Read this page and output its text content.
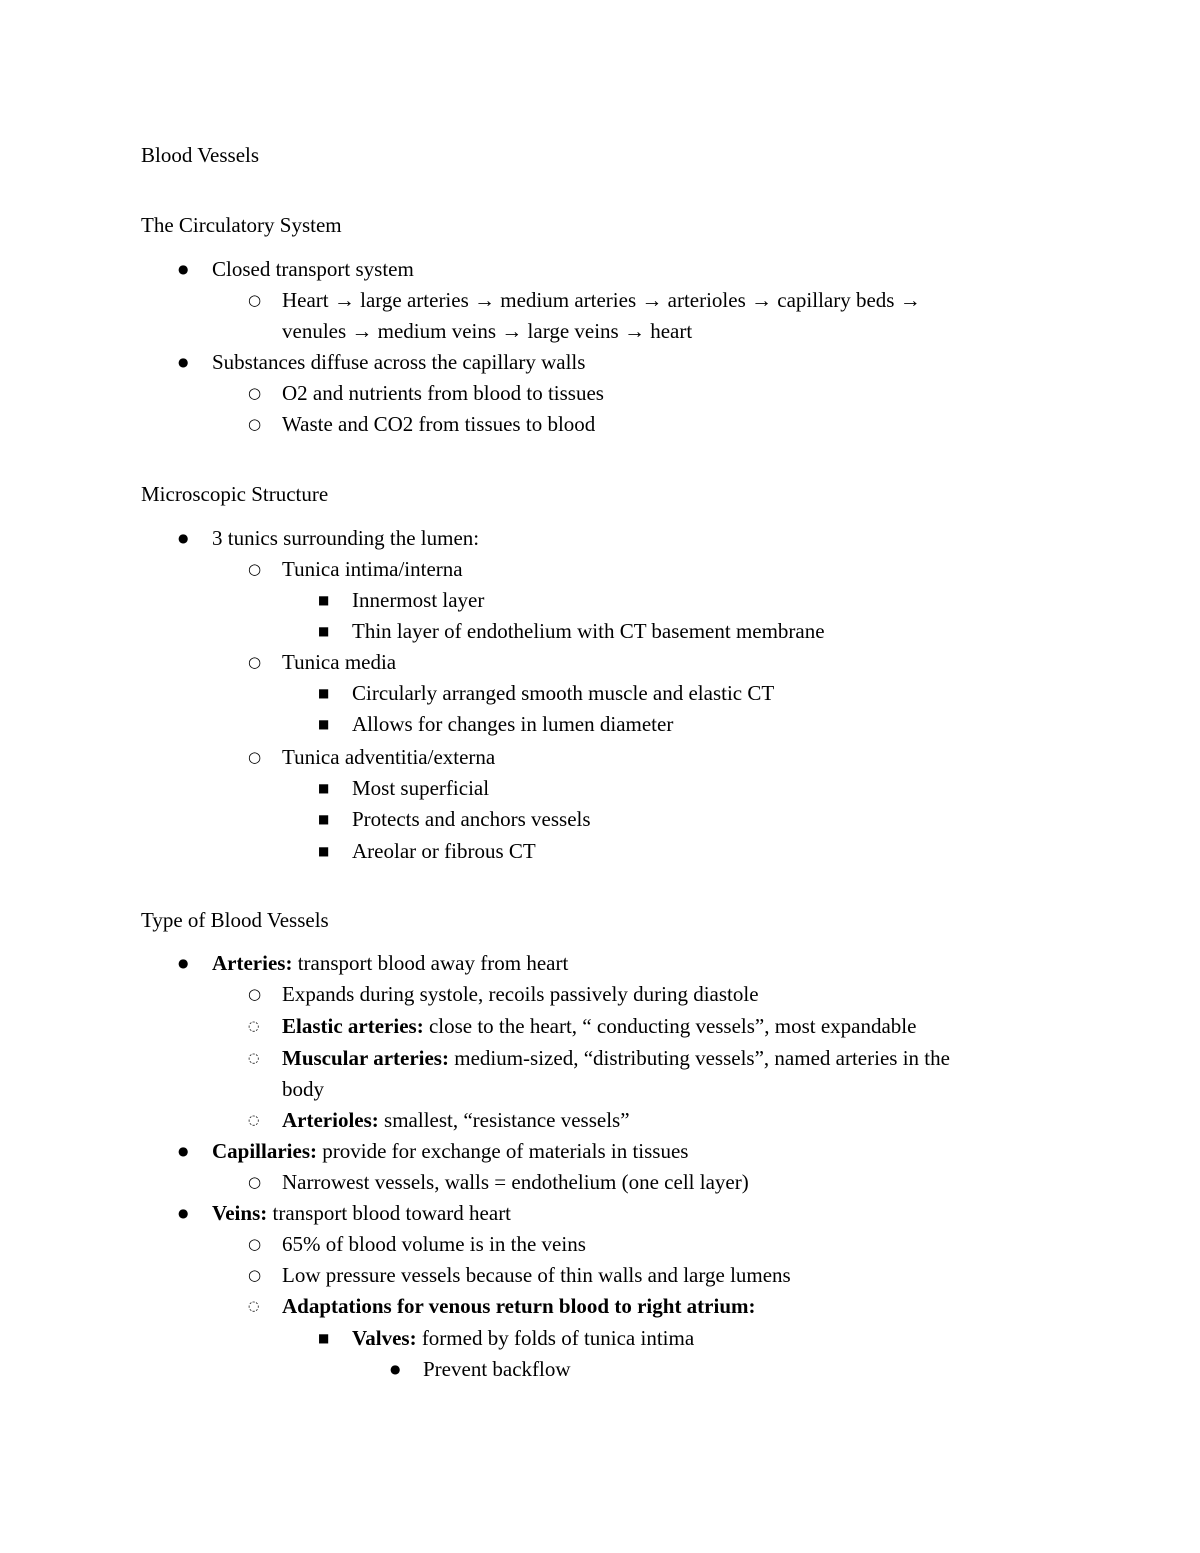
Blood Vessels
The Circulatory System
● Closed transport system
○ Heart → large arteries → medium arteries → arterioles → capillary beds →
venules → medium veins → large veins → heart
● Substances diffuse across the capillary walls
○ O2 and nutrients from blood to tissues
○ Waste and CO2 from tissues to blood
Microscopic Structure
● 3 tunics surrounding the lumen:
○ Tunica intima/interna
■ Innermost layer
■ Thin layer of endothelium with CT basement membrane
○ Tunica media
■ Circularly arranged smooth muscle and elastic CT
■ Allows for changes in lumen diameter
○ Tunica adventitia/externa
■ Most superficial
■ Protects and anchors vessels
■ Areolar or fibrous CT
Type of Blood Vessels
● Arteries: transport blood away from heart
○ Expands during systole, recoils passively during diastole
◌ Elastic arteries: close to the heart, “ conducting vessels”, most expandable
◌ Muscular arteries: medium-sized, “distributing vessels”, named arteries in the
body
◌ Arterioles: smallest, “resistance vessels”
● Capillaries: provide for exchange of materials in tissues
○ Narrowest vessels, walls = endothelium (one cell layer)
● Veins: transport blood toward heart
○ 65% of blood volume is in the veins
○ Low pressure vessels because of thin walls and large lumens
◌ Adaptations for venous return blood to right atrium:
■ Valves: formed by folds of tunica intima
● Prevent backflow
